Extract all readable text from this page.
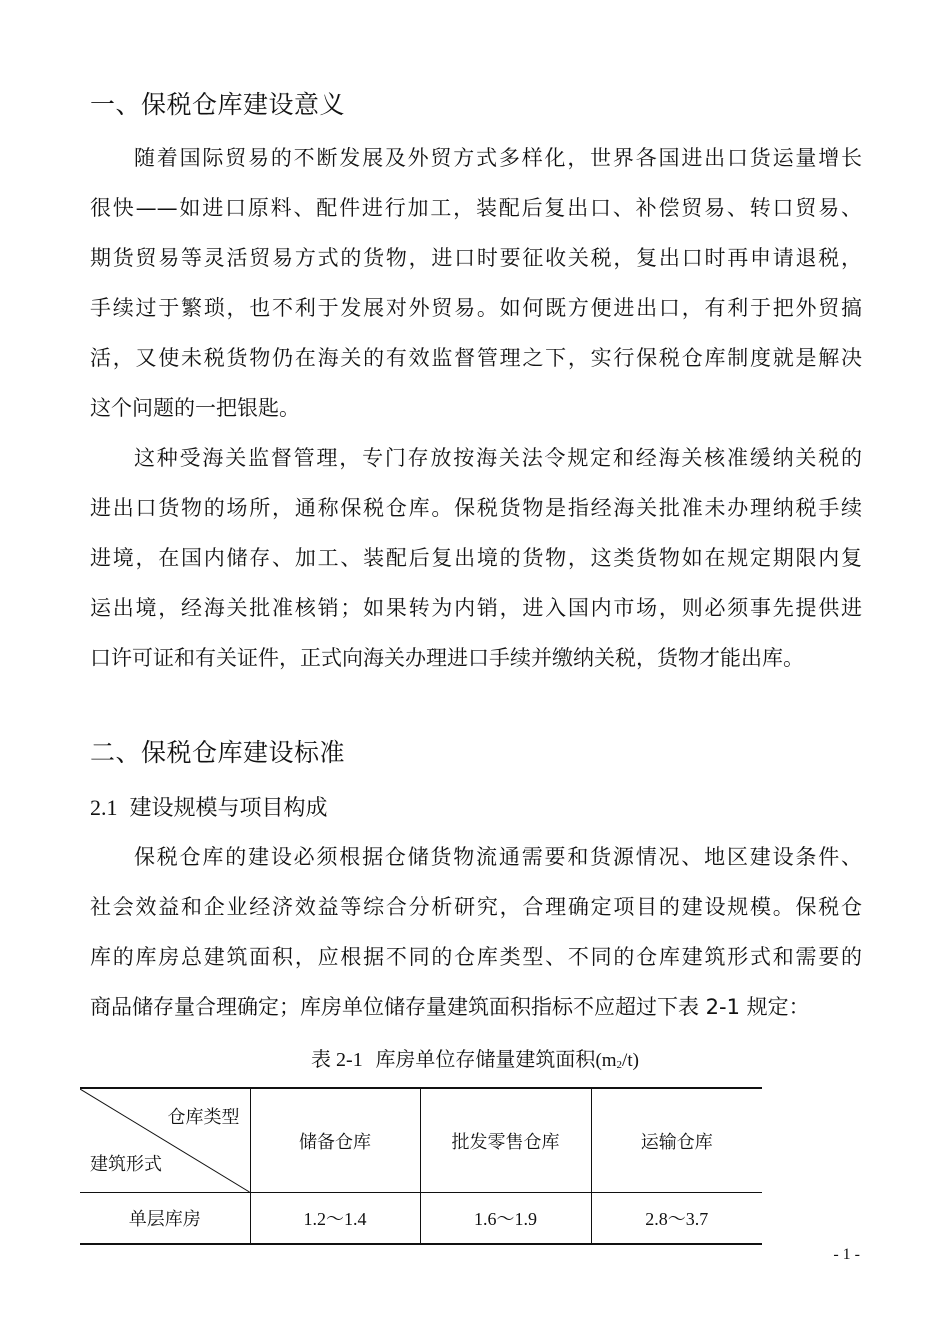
一、保税仓库建设意义
随着国际贸易的不断发展及外贸方式多样化，世界各国进出口货运量增长
很快——如进口原料、配件进行加工，装配后复出口、补偿贸易、转口贸易、
期货贸易等灵活贸易方式的货物，进口时要征收关税，复出口时再申请退税，
手续过于繁琐，也不利于发展对外贸易。如何既方便进出口，有利于把外贸搞
活，又使未税货物仍在海关的有效监督管理之下，实行保税仓库制度就是解决
这个问题的一把银匙。
这种受海关监督管理，专门存放按海关法令规定和经海关核准缓纳关税的
进出口货物的场所，通称保税仓库。保税货物是指经海关批准未办理纳税手续
进境，在国内储存、加工、装配后复出境的货物，这类货物如在规定期限内复
运出境，经海关批准核销；如果转为内销，进入国内市场，则必须事先提供进
口许可证和有关证件，正式向海关办理进口手续并缴纳关税，货物才能出库。
二、保税仓库建设标准
2.1 建设规模与项目构成
保税仓库的建设必须根据仓储货物流通需要和货源情况、地区建设条件、
社会效益和企业经济效益等综合分析研究，合理确定项目的建设规模。保税仓
库的库房总建筑面积，应根据不同的仓库类型、不同的仓库建筑形式和需要的
商品储存量合理确定；库房单位储存量建筑面积指标不应超过下表 2-1 规定：
表 2-1 库房单位存储量建筑面积$(m_2/t)$
仓库类型
建筑形式	储备仓库	批发零售仓库	运输仓库
单层库房	1.2～1.4	1.6～1.9	2.8～3.7
- 1 -
